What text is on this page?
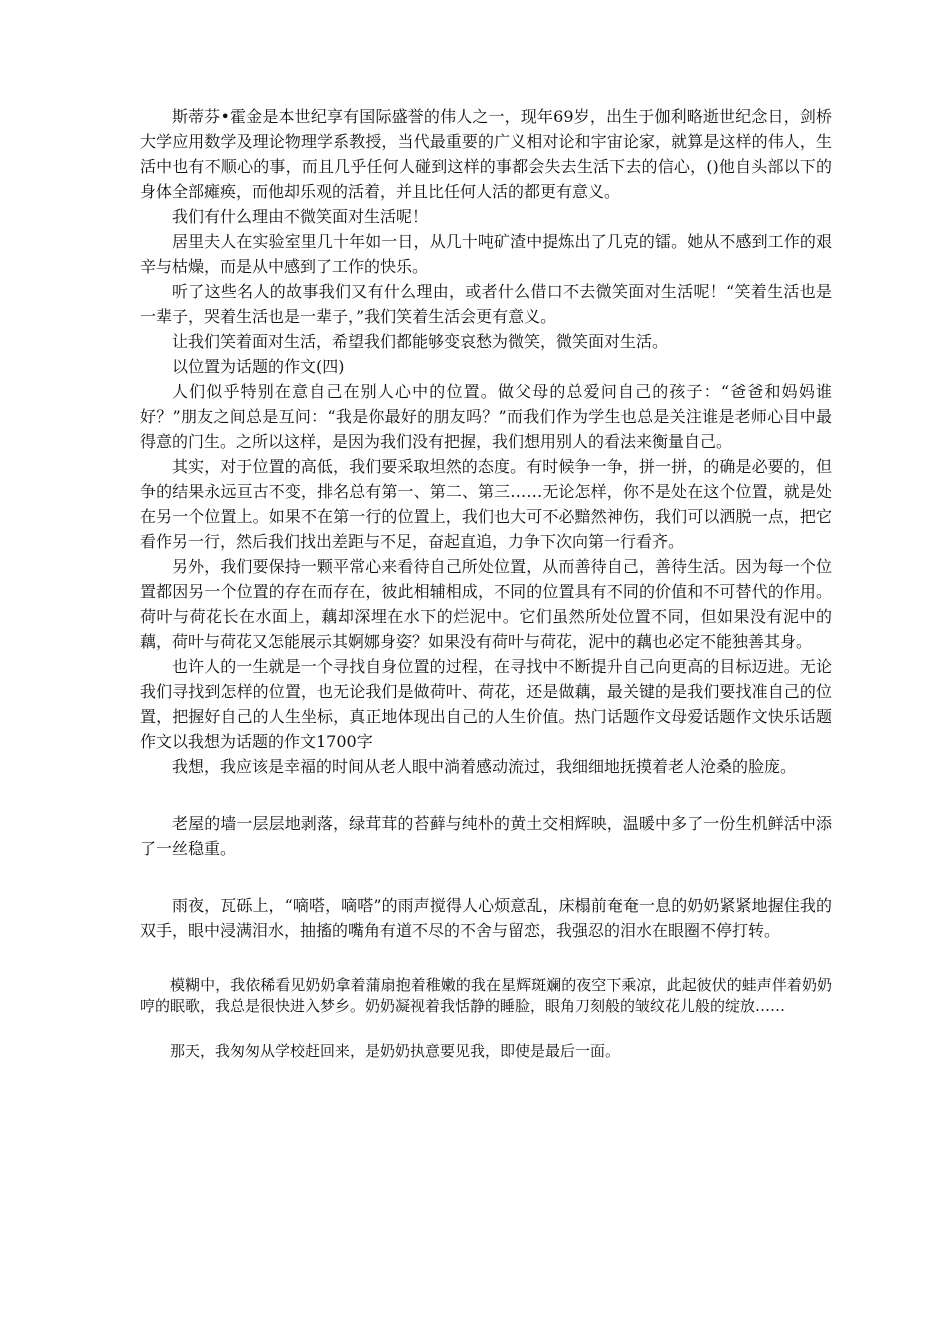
斯蒂芬•霍金是本世纪享有国际盛誉的伟人之一，现年69岁，出生于伽利略逝世纪念日，剑桥大学应用数学及理论物理学系教授，当代最重要的广义相对论和宇宙论家，就算是这样的伟人，生活中也有不顺心的事，而且几乎任何人碰到这样的事都会失去生活下去的信心，()他自头部以下的身体全部瘫痪，而他却乐观的活着，并且比任何人活的都更有意义。

我们有什么理由不微笑面对生活呢！

居里夫人在实验室里几十年如一日，从几十吨矿渣中提炼出了几克的镭。她从不感到工作的艰辛与枯燥，而是从中感到了工作的快乐。

听了这些名人的故事我们又有什么理由，或者什么借口不去微笑面对生活呢！“笑着生活也是一辈子，哭着生活也是一辈子，”我们笑着生活会更有意义。

让我们笑着面对生活，希望我们都能够变哀愁为微笑，微笑面对生活。

以位置为话题的作文(四)

人们似乎特别在意自己在别人心中的位置。做父母的总爱问自己的孩子：“爸爸和妈妈谁好？”朋友之间总是互问：“我是你最好的朋友吗？”而我们作为学生也总是关注谁是老师心目中最得意的门生。之所以这样，是因为我们没有把握，我们想用别人的看法来衡量自己。

其实，对于位置的高低，我们要采取坦然的态度。有时候争一争，拼一拼，的确是必要的，但争的结果永远亘古不变，排名总有第一、第二、第三……无论怎样，你不是处在这个位置，就是处在另一个位置上。如果不在第一行的位置上，我们也大可不必黯然神伤，我们可以洒脱一点，把它看作另一行，然后我们找出差距与不足，奋起直追，力争下次向第一行看齐。

另外，我们要保持一颗平常心来看待自己所处位置，从而善待自己，善待生活。因为每一个位置都因另一个位置的存在而存在，彼此相辅相成，不同的位置具有不同的价值和不可替代的作用。荷叶与荷花长在水面上，藕却深埋在水下的烂泥中。它们虽然所处位置不同，但如果没有泥中的藕，荷叶与荷花又怎能展示其婀娜身姿？如果没有荷叶与荷花，泥中的藕也必定不能独善其身。

也许人的一生就是一个寻找自身位置的过程，在寻找中不断提升自己向更高的目标迈进。无论我们寻找到怎样的位置，也无论我们是做荷叶、荷花，还是做藕，最关键的是我们要找准自己的位置，把握好自己的人生坐标，真正地体现出自己的人生价值。热门话题作文母爱话题作文快乐话题作文以我想为话题的作文1700字

我想，我应该是幸福的时间从老人眼中淌着感动流过，我细细地抚摸着老人沧桑的脸庞。

老屋的墙一层层地剥落，绿茸茸的苔藓与纯朴的黄土交相辉映，温暖中多了一份生机鲜活中添了一丝稳重。

雨夜，瓦砾上，“嘀嗒，嘀嗒”的雨声搅得人心烦意乱，床榻前奄奄一息的奶奶紧紧地握住我的双手，眼中浸满泪水，抽搐的嘴角有道不尽的不舍与留恋，我强忍的泪水在眼圈不停打转。

模糊中，我依稀看见奶奶拿着蒲扇抱着稚嫩的我在星辉斑斓的夜空下乘凉，此起彼伏的蛙声伴着奶奶哼的眠歌，我总是很快进入梦乡。奶奶凝视着我恬静的睡脸，眼角刀刻般的皱纹花儿般的绽放……

那天，我匆匆从学校赶回来，是奶奶执意要见我，即使是最后一面。
